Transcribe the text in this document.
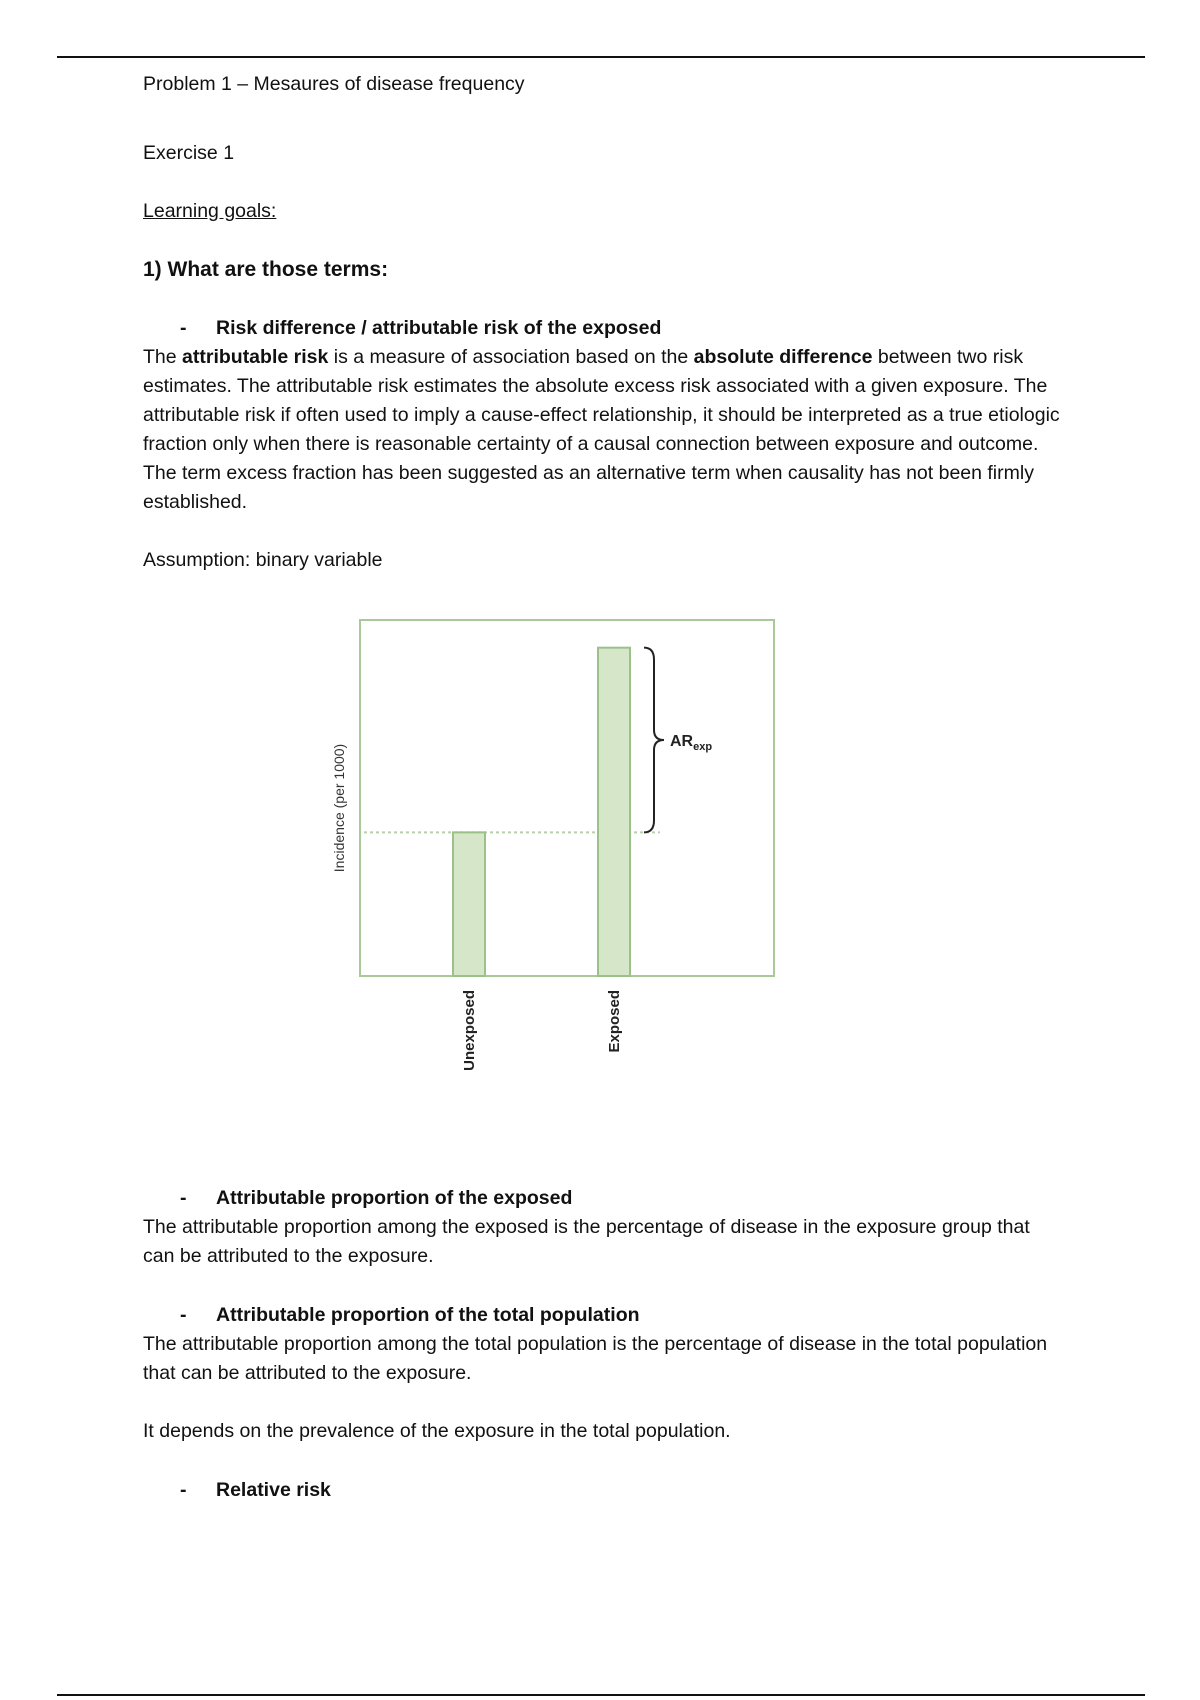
Problem 1 – Mesaures of disease frequency

Exercise 1

Learning goals:

1) What are those terms:

- Risk difference / attributable risk of the exposed

The attributable risk is a measure of association based on the absolute difference between two risk estimates. The attributable risk estimates the absolute excess risk associated with a given exposure. The attributable risk if often used to imply a cause-effect relationship, it should be interpreted as a true etiologic fraction only when there is reasonable certainty of a causal connection between exposure and outcome. The term excess fraction has been suggested as an alternative term when causality has not been firmly established.

Assumption: binary variable

$AR_{exp}$
Incidence (per 1000)
Unexposed	Exposed

- Attributable proportion of the exposed

The attributable proportion among the exposed is the percentage of disease in the exposure group that can be attributed to the exposure.

- Attributable proportion of the total population

The attributable proportion among the total population is the percentage of disease in the total population that can be attributed to the exposure.

It depends on the prevalence of the exposure in the total population.

- Relative risk
